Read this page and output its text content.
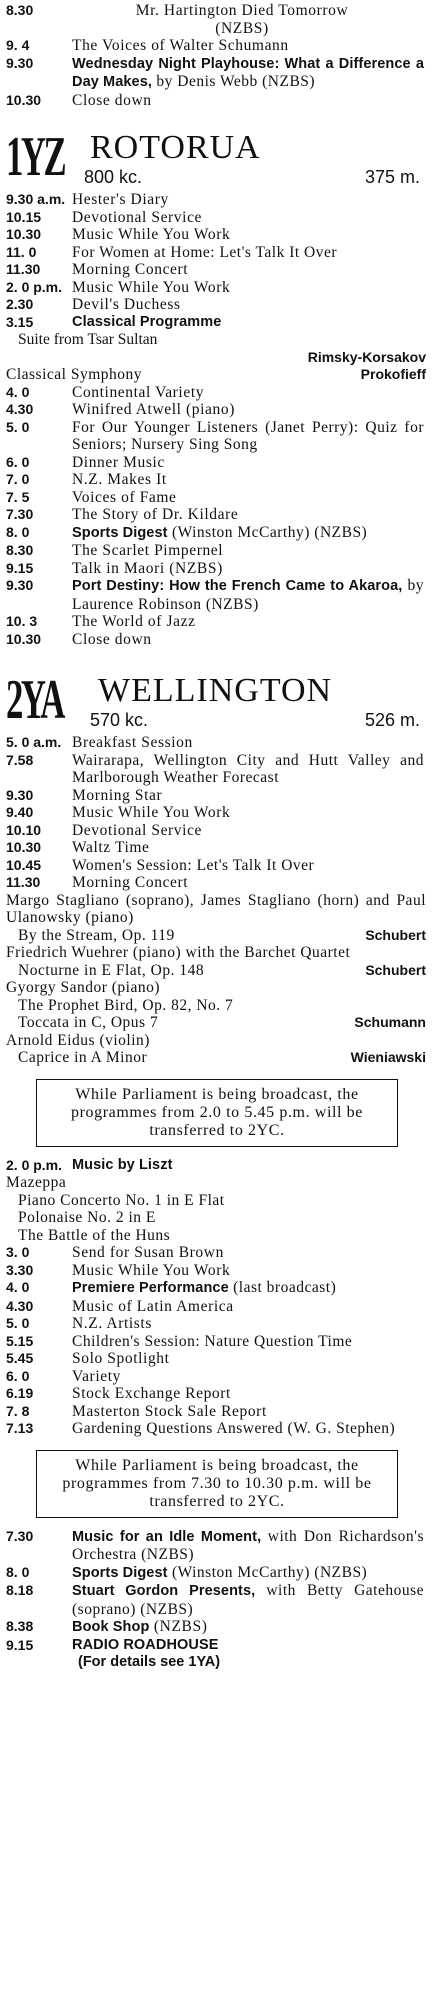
8.30	Mr. Hartington Died Tomorrow
(NZBS)
9. 4	The Voices of Walter Schumann
9.30	Wednesday Night Playhouse: What a Difference a Day Makes, by Denis Webb (NZBS)
10.30 Close down
1YZ ROTORUA
800 kc.	375 m.
9.30 a.m. Hester's Diary
10.15 Devotional Service
10.30 Music While You Work
11. 0 For Women at Home: Let's Talk It Over
11.30 Morning Concert
2. 0 p.m. Music While You Work
2.30	Devil's Duchess
3.15	Classical Programme
Suite from Tsar Sultan
Rimsky-Korsakov
Classical Symphony	Prokofieff
4. 0	Continental Variety
4.30	Winifred Atwell (piano)
5. 0	For Our Younger Listeners (Janet Perry): Quiz for Seniors; Nursery Sing Song
6. 0	Dinner Music
7. 0	N.Z. Makes It
7. 5	Voices of Fame
7.30	The Story of Dr. Kildare
8. 0	Sports Digest (Winston McCarthy) (NZBS)
8.30	The Scarlet Pimpernel
9.15	Talk in Maori (NZBS)
9.30	Port Destiny: How the French Came to Akaroa, by Laurence Robinson (NZBS)
10. 3 The World of Jazz
10.30 Close down
2YA WELLINGTON
570 kc.	526 m.
5. 0 a.m. Breakfast Session
7.58	Wairarapa, Wellington City and Hutt Valley and Marlborough Weather Forecast
9.30	Morning Star
9.40	Music While You Work
10.10 Devotional Service
10.30 Waltz Time
10.45 Women's Session: Let's Talk It Over
11.30 Morning Concert
Margo Stagliano (soprano), James Stagliano (horn) and Paul Ulanowsky (piano)
By the Stream, Op. 119	Schubert
Friedrich Wuehrer (piano) with the Barchet Quartet
Nocturne in E Flat, Op. 148	Schubert
Gyorgy Sandor (piano)
The Prophet Bird, Op. 82, No. 7
Toccata in C, Opus 7	Schumann
Arnold Eidus (violin)
Caprice in A Minor	Wieniawski
While Parliament is being broadcast, the programmes from 2.0 to 5.45 p.m. will be transferred to 2YC.
2. 0 p.m. Music by Liszt
Mazeppa
Piano Concerto No. 1 in E Flat
Polonaise No. 2 in E
The Battle of the Huns
3. 0	Send for Susan Brown
3.30	Music While You Work
4. 0	Premiere Performance (last broadcast)
4.30	Music of Latin America
5. 0	N.Z. Artists
5.15	Children's Session: Nature Question Time
5.45	Solo Spotlight
6. 0	Variety
6.19	Stock Exchange Report
7. 8	Masterton Stock Sale Report
7.13	Gardening Questions Answered (W. G. Stephen)
While Parliament is being broadcast, the programmes from 7.30 to 10.30 p.m. will be transferred to 2YC.
7.30	Music for an Idle Moment, with Don Richardson's Orchestra (NZBS)
8. 0	Sports Digest (Winston McCarthy) (NZBS)
8.18	Stuart Gordon Presents, with Betty Gatehouse (soprano) (NZBS)
8.38	Book Shop (NZBS)
9.15	RADIO ROADHOUSE
(For details see 1YA)
